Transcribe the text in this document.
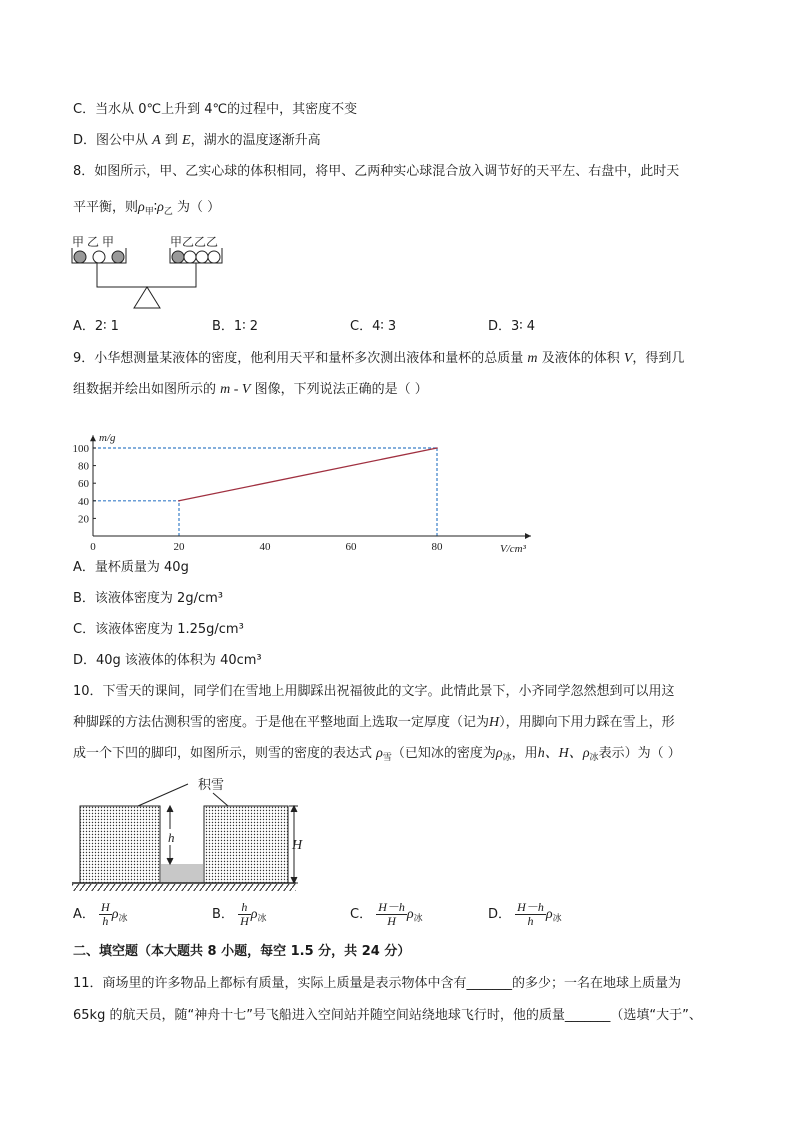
C．当水从 0℃上升到 4℃的过程中，其密度不变
D．图公中从 A 到 E，湖水的温度逐渐升高
8．如图所示，甲、乙实心球的体积相同，将甲、乙两种实心球混合放入调节好的天平左、右盘中，此时天
平平衡，则$\rho_甲∶\rho_乙$ 为（ ）
甲 乙 甲	甲乙乙乙
A．2∶ 1	B．1∶ 2	C．4∶ 3	D．3∶ 4
9．小华想测量某液体的密度，他利用天平和量杯多次测出液体和量杯的总质量 m 及液体的体积 V，得到几
组数据并绘出如图所示的 m - V 图像，下列说法正确的是（ ）
m/g
V/cm³
0	20	40	60	80
20
40
60
80
100
A．量杯质量为 40g
B．该液体密度为 2g/cm³
C．该液体密度为 1.25g/cm³
D．40g 该液体的体积为 40cm³
10．下雪天的课间，同学们在雪地上用脚踩出祝福彼此的文字。此情此景下，小齐同学忽然想到可以用这
种脚踩的方法估测积雪的密度。于是他在平整地面上选取一定厚度（记为H），用脚向下用力踩在雪上，形
成一个下凹的脚印，如图所示，则雪的密度的表达式 $\rho_雪$（已知冰的密度为$\rho_冰$，用h、H、$\rho_冰$表示）为（ ）
积雪
h
H
A． $\frac{H}{h} \rho_冰$	B． $\frac{h}{H} \rho_冰$	C． $\frac{H-h}{H} \rho_冰$	D． $\frac{H-h}{h} \rho_冰$
二、填空题（本大题共 8 小题，每空 1.5 分，共 24 分）
11．商场里的许多物品上都标有质量，实际上质量是表示物体中含有_______的多少；一名在地球上质量为
65kg 的航天员，随“神舟十七”号飞船进入空间站并随空间站绕地球飞行时，他的质量_______（选填“大于”、
